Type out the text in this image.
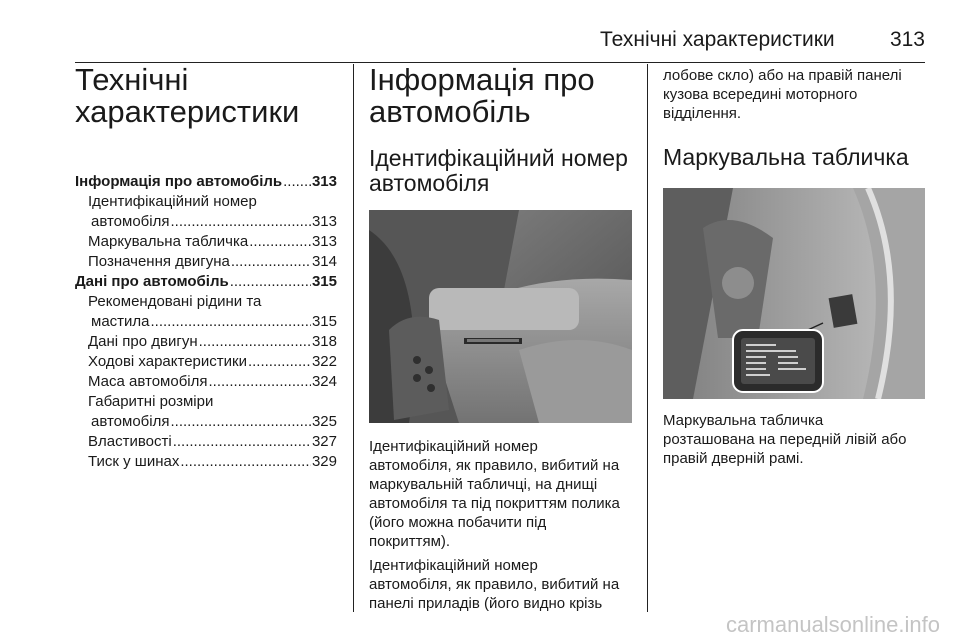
Технічні характеристики	313
Технічні
характеристики
Інформація про автомобіль ..... 313
Ідентифікаційний номер
автомобіля .....	313
Маркувальна табличка .....	313
Позначення двигуна .....	314
Дані про автомобіль .....	315
Рекомендовані рідини та
мастила .....	315
Дані про двигун .....	318
Ходові характеристики .....	322
Маса автомобіля .....	324
Габаритні розміри
автомобіля .....	325
Властивості .....	327
Тиск у шинах .....	329
Інформація про
автомобіль
Ідентифікаційний номер
автомобіля

Ідентифікаційний номер
автомобіля, як правило, вибитий на
маркувальній табличці, на днищі
автомобіля та під покриттям полика
(його можна побачити під
покриттям).

Ідентифікаційний номер
автомобіля, як правило, вибитий на
панелі приладів (його видно крізь

лобове скло) або на правій панелі
кузова всередині моторного
відділення.

Маркувальна табличка

Маркувальна табличка
розташована на передній лівій або
правій дверній рамі.

carmanualsonline.info
